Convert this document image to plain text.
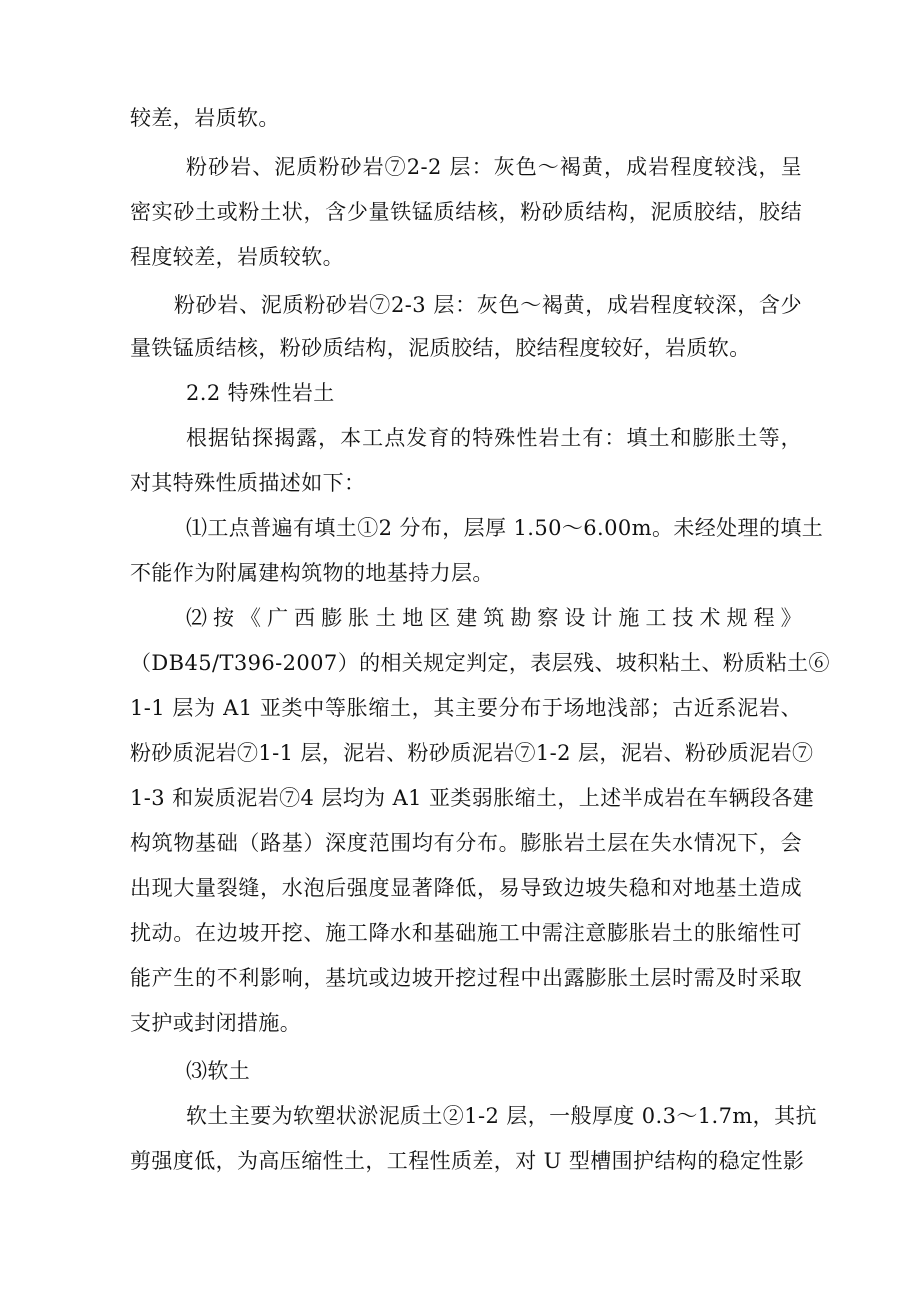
较差，岩质软。
粉砂岩、泥质粉砂岩⑦2-2 层：灰色～褐黄，成岩程度较浅，呈
密实砂土或粉土状，含少量铁锰质结核，粉砂质结构，泥质胶结，胶结
程度较差，岩质较软。
粉砂岩、泥质粉砂岩⑦2-3 层：灰色～褐黄，成岩程度较深，含少
量铁锰质结核，粉砂质结构，泥质胶结，胶结程度较好，岩质软。
2.2 特殊性岩土
根据钻探揭露，本工点发育的特殊性岩土有：填土和膨胀土等，
对其特殊性质描述如下：
⑴工点普遍有填土①2 分布，层厚 1.50～6.00m。未经处理的填土
不能作为附属建构筑物的地基持力层。
⑵按《广西膨胀土地区建筑勘察设计施工技术规程》
（DB45/T396-2007）的相关规定判定，表层残、坡积粘土、粉质粘土⑥
1-1 层为 A1 亚类中等胀缩土，其主要分布于场地浅部；古近系泥岩、
粉砂质泥岩⑦1-1 层，泥岩、粉砂质泥岩⑦1-2 层，泥岩、粉砂质泥岩⑦
1-3 和炭质泥岩⑦4 层均为 A1 亚类弱胀缩土，上述半成岩在车辆段各建
构筑物基础（路基）深度范围均有分布。膨胀岩土层在失水情况下，会
出现大量裂缝，水泡后强度显著降低，易导致边坡失稳和对地基土造成
扰动。在边坡开挖、施工降水和基础施工中需注意膨胀岩土的胀缩性可
能产生的不利影响，基坑或边坡开挖过程中出露膨胀土层时需及时采取
支护或封闭措施。
⑶软土
软土主要为软塑状淤泥质土②1-2 层，一般厚度 0.3～1.7m，其抗
剪强度低，为高压缩性土，工程性质差，对 U 型槽围护结构的稳定性影
